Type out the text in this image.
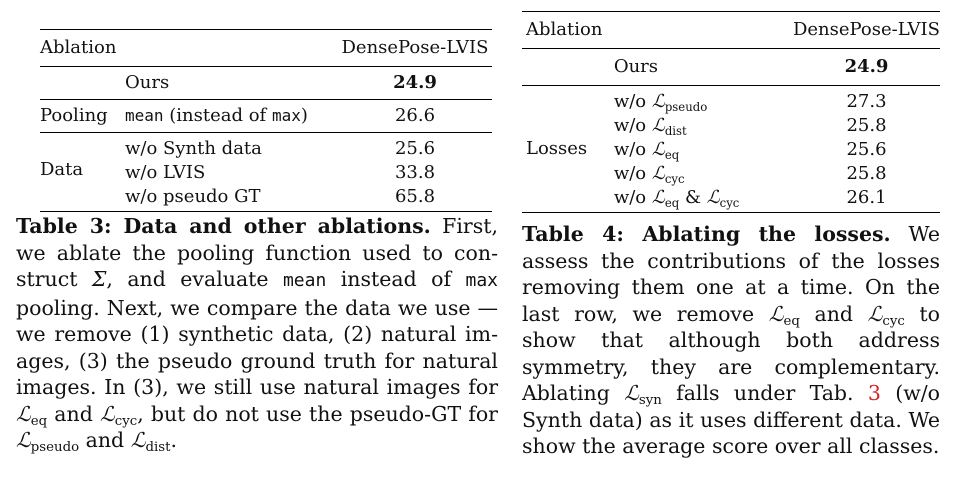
Ablation		DensePose-LVIS
	Ours	24.9
Pooling	mean (instead of max)	26.6
Data	w/o Synth data	25.6
	w/o LVIS	33.8
	w/o pseudo GT	65.8

Table 3: Data and other ablations. First, we ablate the pooling function used to construct Σ, and evaluate mean instead of max pooling. Next, we compare the data we use — we remove (1) synthetic data, (2) natural images, (3) the pseudo ground truth for natural images. In (3), we still use natural images for ℒ$_{eq}$ and ℒ$_{cyc}$, but do not use the pseudo-GT for ℒ$_{pseudo}$ and ℒ$_{dist}$.

Ablation		DensePose-LVIS
	Ours	24.9
Losses	w/o ℒ$_{pseudo}$	27.3
	w/o ℒ$_{dist}$	25.8
	w/o ℒ$_{eq}$	25.6
	w/o ℒ$_{cyc}$	25.8
	w/o ℒ$_{eq}$ & ℒ$_{cyc}$	26.1

Table 4: Ablating the losses. We assess the contributions of the losses removing them one at a time. On the last row, we remove ℒ$_{eq}$ and ℒ$_{cyc}$ to show that although both address symmetry, they are complementary. Ablating ℒ$_{syn}$ falls under Tab. 3 (w/o Synth data) as it uses different data. We show the average score over all classes.
